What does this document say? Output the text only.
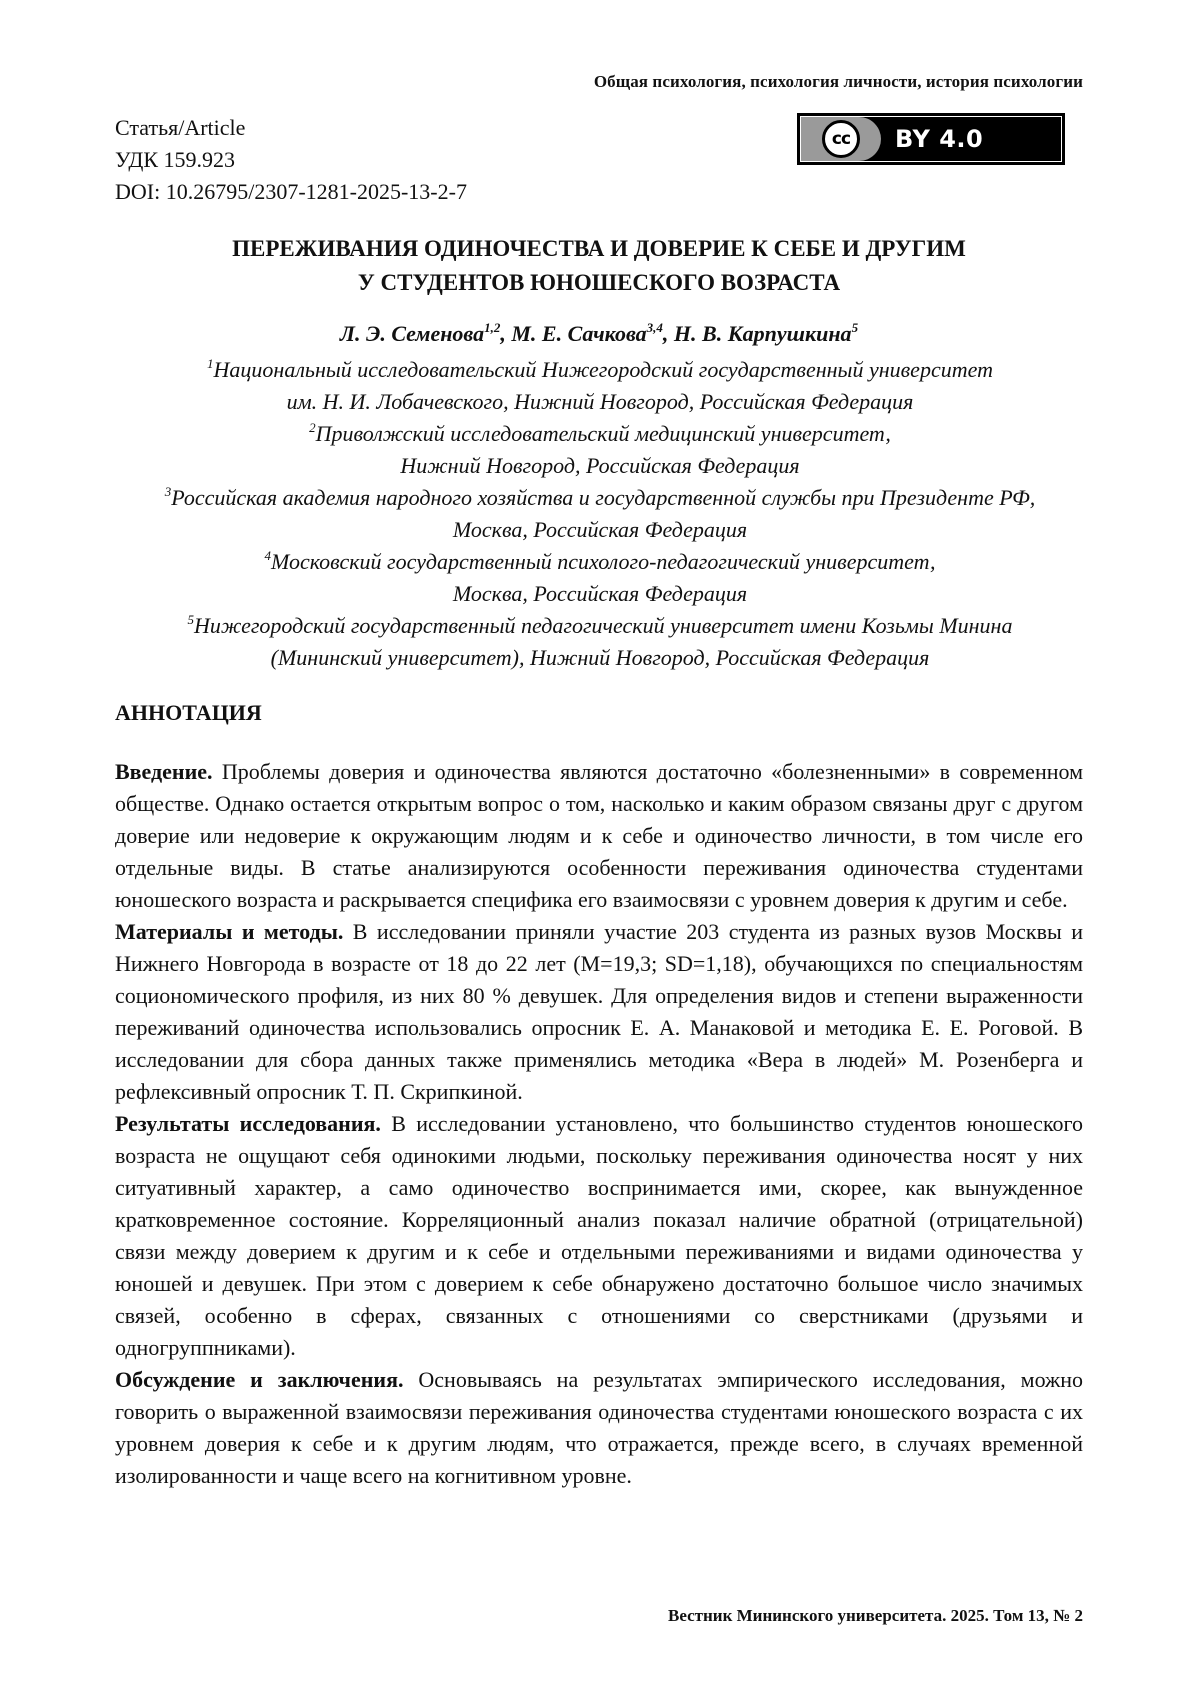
Общая психология, психология личности, история психологии
Статья/Article
УДК 159.923
DOI: 10.26795/2307-1281-2025-13-2-7
cc	BY 4.0
ПЕРЕЖИВАНИЯ ОДИНОЧЕСТВА И ДОВЕРИЕ К СЕБЕ И ДРУГИМ
У СТУДЕНТОВ ЮНОШЕСКОГО ВОЗРАСТА
Л. Э. Семенова$^{1,2}$, М. Е. Сачкова$^{3,4}$, Н. В. Карпушкина$^5$
$^1$Национальный исследовательский Нижегородский государственный университет
им. Н. И. Лобачевского, Нижний Новгород, Российская Федерация
$^2$Приволжский исследовательский медицинский университет,
Нижний Новгород, Российская Федерация
$^3$Российская академия народного хозяйства и государственной службы при Президенте РФ,
Москва, Российская Федерация
$^4$Московский государственный психолого-педагогический университет,
Москва, Российская Федерация
$^5$Нижегородский государственный педагогический университет имени Козьмы Минина
(Мининский университет), Нижний Новгород, Российская Федерация
АННОТАЦИЯ

Введение. Проблемы доверия и одиночества являются достаточно «болезненными» в современном обществе. Однако остается открытым вопрос о том, насколько и каким образом связаны друг с другом доверие или недоверие к окружающим людям и к себе и одиночество личности, в том числе его отдельные виды. В статье анализируются особенности переживания одиночества студентами юношеского возраста и раскрывается специфика его взаимосвязи с уровнем доверия к другим и себе.

Материалы и методы. В исследовании приняли участие 203 студента из разных вузов Москвы и Нижнего Новгорода в возрасте от 18 до 22 лет (M=19,3; SD=1,18), обучающихся по специальностям социономического профиля, из них 80 % девушек. Для определения видов и степени выраженности переживаний одиночества использовались опросник Е. А. Манаковой и методика Е. Е. Роговой. В исследовании для сбора данных также применялись методика «Вера в людей» М. Розенберга и рефлексивный опросник Т. П. Скрипкиной.

Результаты исследования. В исследовании установлено, что большинство студентов юношеского возраста не ощущают себя одинокими людьми, поскольку переживания одиночества носят у них ситуативный характер, а само одиночество воспринимается ими, скорее, как вынужденное кратковременное состояние. Корреляционный анализ показал наличие обратной (отрицательной) связи между доверием к другим и к себе и отдельными переживаниями и видами одиночества у юношей и девушек. При этом с доверием к себе обнаружено достаточно большое число значимых связей, особенно в сферах, связанных с отношениями со сверстниками (друзьями и одногруппниками).

Обсуждение и заключения. Основываясь на результатах эмпирического исследования, можно говорить о выраженной взаимосвязи переживания одиночества студентами юношеского возраста с их уровнем доверия к себе и к другим людям, что отражается, прежде всего, в случаях временной изолированности и чаще всего на когнитивном уровне.

Вестник Мининского университета. 2025. Том 13, № 2
